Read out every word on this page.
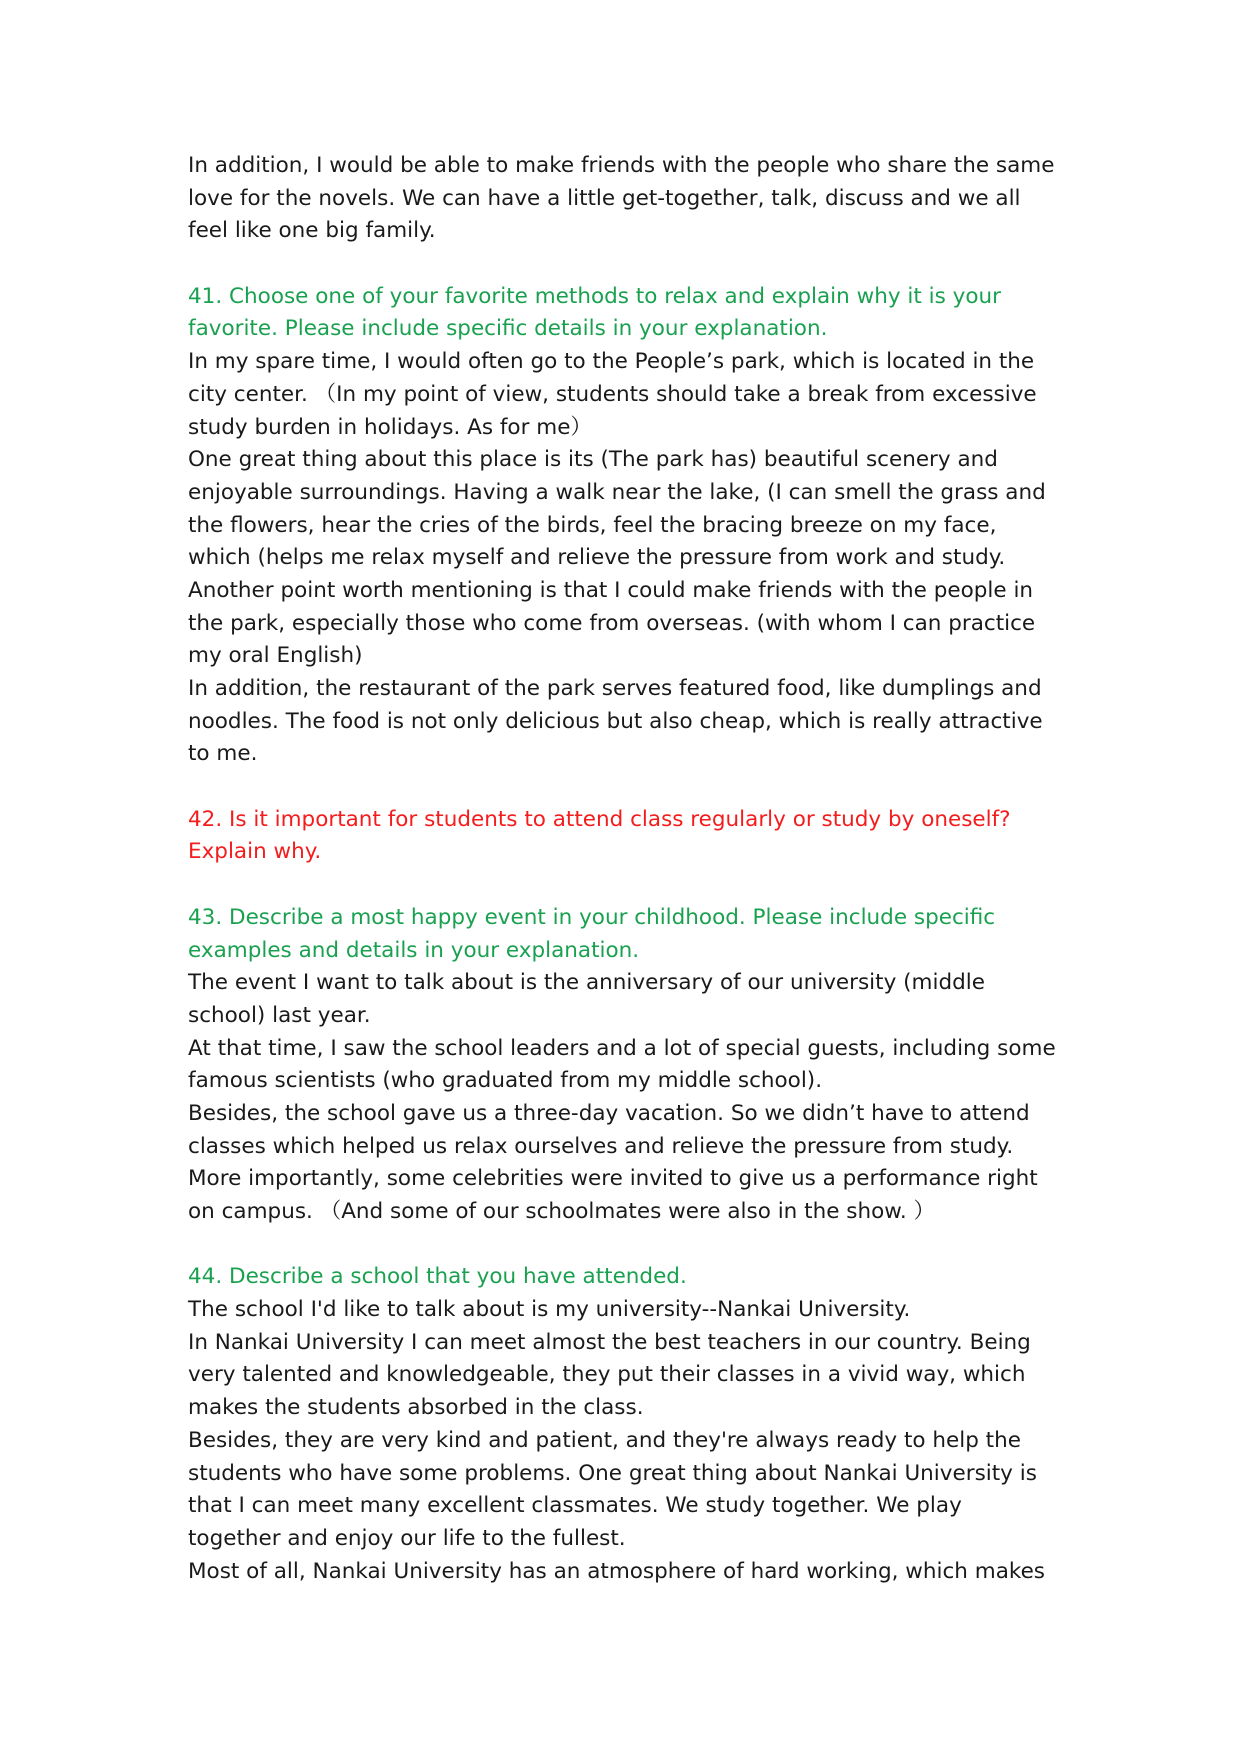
In addition, I would be able to make friends with the people who share the same
love for the novels. We can have a little get-together, talk, discuss and we all
feel like one big family.
41. Choose one of your favorite methods to relax and explain why it is your
favorite. Please include specific details in your explanation.
In my spare time, I would often go to the People’s park, which is located in the
city center. （In my point of view, students should take a break from excessive
study burden in holidays. As for me）
One great thing about this place is its (The park has) beautiful scenery and
enjoyable surroundings. Having a walk near the lake, (I can smell the grass and
the flowers, hear the cries of the birds, feel the bracing breeze on my face,
which (helps me relax myself and relieve the pressure from work and study.
Another point worth mentioning is that I could make friends with the people in
the park, especially those who come from overseas. (with whom I can practice
my oral English)
In addition, the restaurant of the park serves featured food, like dumplings and
noodles. The food is not only delicious but also cheap, which is really attractive
to me.
42. Is it important for students to attend class regularly or study by oneself?
Explain why.
43. Describe a most happy event in your childhood. Please include specific
examples and details in your explanation.
The event I want to talk about is the anniversary of our university (middle
school) last year.
At that time, I saw the school leaders and a lot of special guests, including some
famous scientists (who graduated from my middle school).
Besides, the school gave us a three-day vacation. So we didn’t have to attend
classes which helped us relax ourselves and relieve the pressure from study.
More importantly, some celebrities were invited to give us a performance right
on campus. （And some of our schoolmates were also in the show. ）
44. Describe a school that you have attended.
The school I'd like to talk about is my university--Nankai University.
In Nankai University I can meet almost the best teachers in our country. Being
very talented and knowledgeable, they put their classes in a vivid way, which
makes the students absorbed in the class.
Besides, they are very kind and patient, and they're always ready to help the
students who have some problems. One great thing about Nankai University is
that I can meet many excellent classmates. We study together. We play
together and enjoy our life to the fullest.
Most of all, Nankai University has an atmosphere of hard working, which makes
